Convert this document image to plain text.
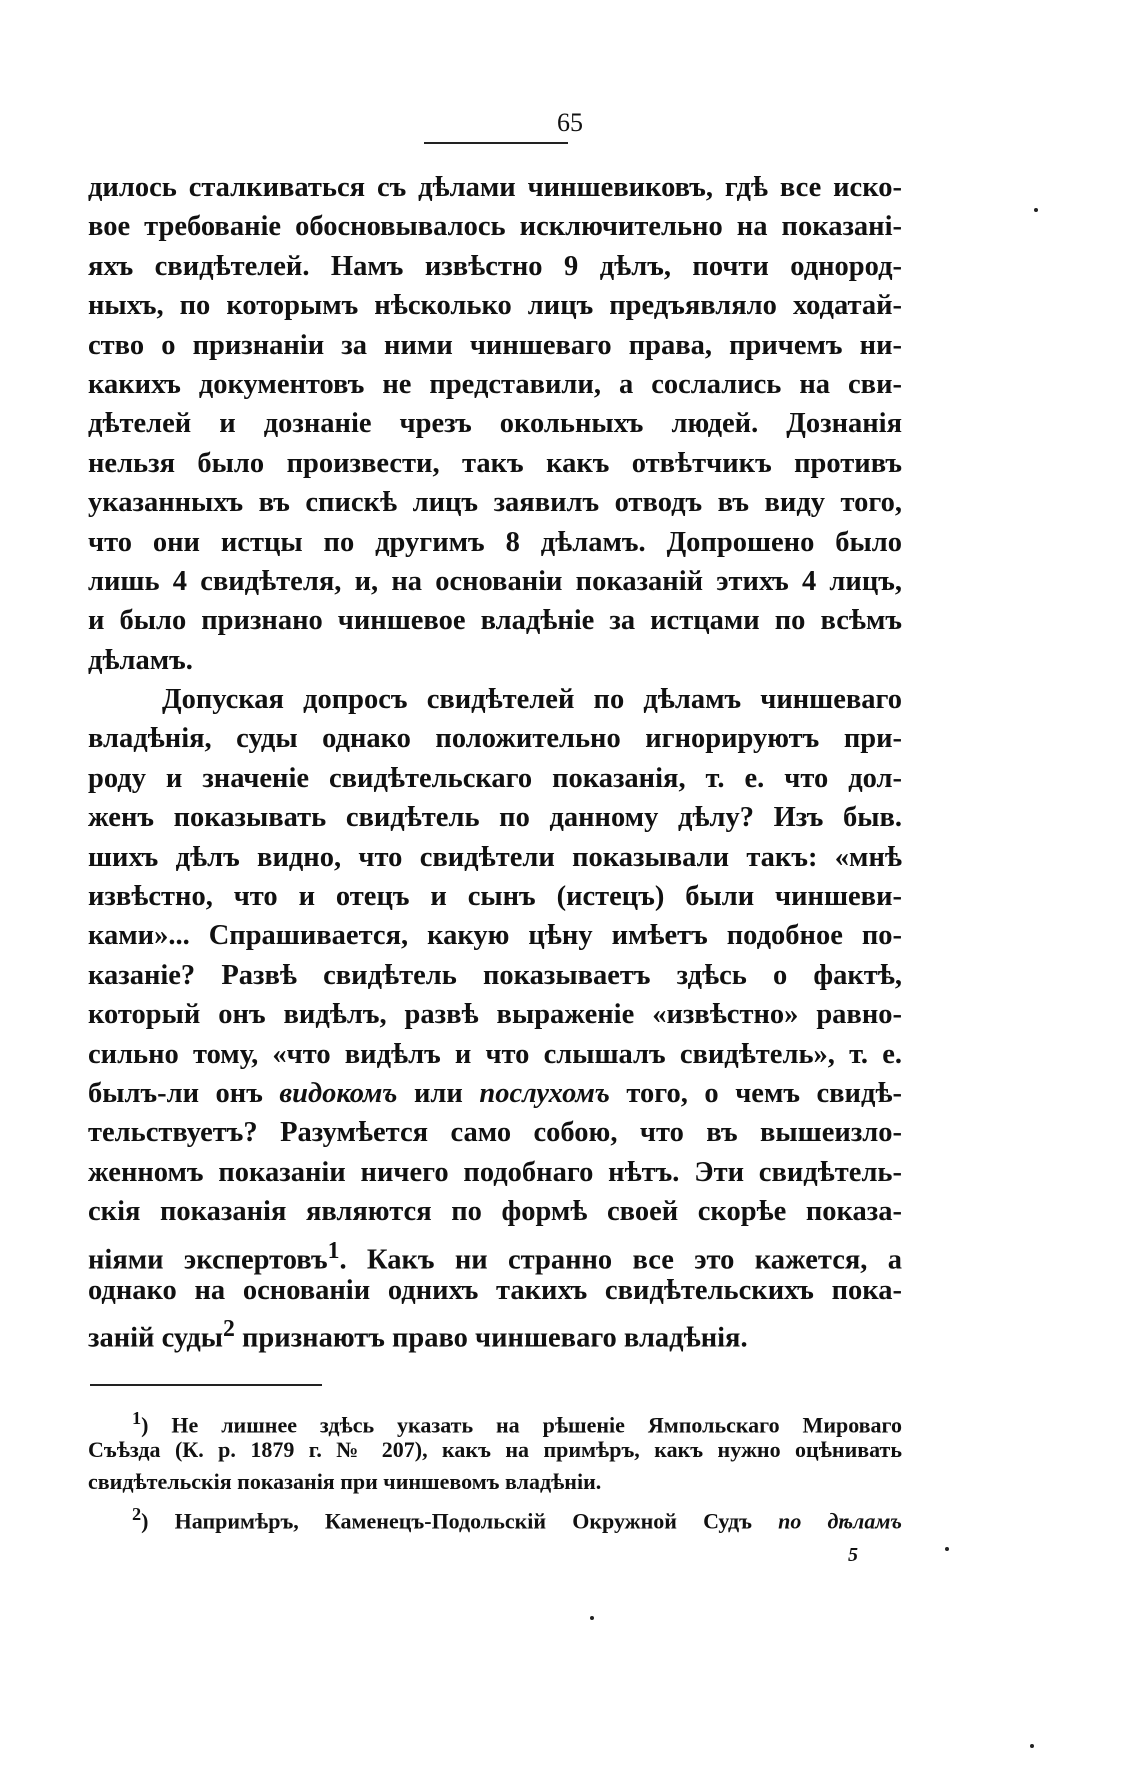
65
дилось сталкиваться съ дѣлами чиншевиковъ, гдѣ все иско-
вое требованіе обосновывалось исключительно на показані-
яхъ свидѣтелей. Намъ извѣстно 9 дѣлъ, почти однород-
ныхъ, по которымъ нѣсколько лицъ предъявляло ходатай-
ство о признаніи за ними чиншеваго права, причемъ ни-
какихъ документовъ не представили, а сослались на сви-
дѣтелей и дознаніе чрезъ окольныхъ людей. Дознанія
нельзя было произвести, такъ какъ отвѣтчикъ противъ
указанныхъ въ спискѣ лицъ заявилъ отводъ въ виду того,
что они истцы по другимъ 8 дѣламъ. Допрошено было
лишь 4 свидѣтеля, и, на основаніи показаній этихъ 4 лицъ,
и было признано чиншевое владѣніе за истцами по всѣмъ
дѣламъ.
Допуская допросъ свидѣтелей по дѣламъ чиншеваго
владѣнія, суды однако положительно игнорируютъ при-
роду и значеніе свидѣтельскаго показанія, т. е. что дол-
женъ показывать свидѣтель по данному дѣлу? Изъ быв.
шихъ дѣлъ видно, что свидѣтели показывали такъ: «мнѣ
извѣстно, что и отецъ и сынъ (истецъ) были чиншеви-
ками»... Спрашивается, какую цѣну имѣетъ подобное по-
казаніе? Развѣ свидѣтель показываетъ здѣсь о фактѣ,
который онъ видѣлъ, развѣ выраженіе «извѣстно» равно-
сильно тому, «что видѣлъ и что слышалъ свидѣтель», т. е.
былъ-ли онъ видокомъ или послухомъ того, о чемъ свидѣ-
тельствуетъ? Разумѣется само собою, что въ вышеизло-
женномъ показаніи ничего подобнаго нѣтъ. Эти свидѣтель-
скія показанія являются по формѣ своей скорѣе показа-
ніями экспертовъ$^1$. Какъ ни странно все это кажется, а
однако на основаніи однихъ такихъ свидѣтельскихъ пока-
заній суды$^2$ признаютъ право чиншеваго владѣнія.
$^1$) Не лишнее здѣсь указать на рѣшеніе Ямпольскаго Мироваго
Съѣзда (К. р. 1879 г. № 207), какъ на примѣръ, какъ нужно оцѣнивать
свидѣтельскія показанія при чиншевомъ владѣніи.
$^2$) Напримѣръ, Каменецъ-Подольскій Окружной Судъ по дѣламъ
5
